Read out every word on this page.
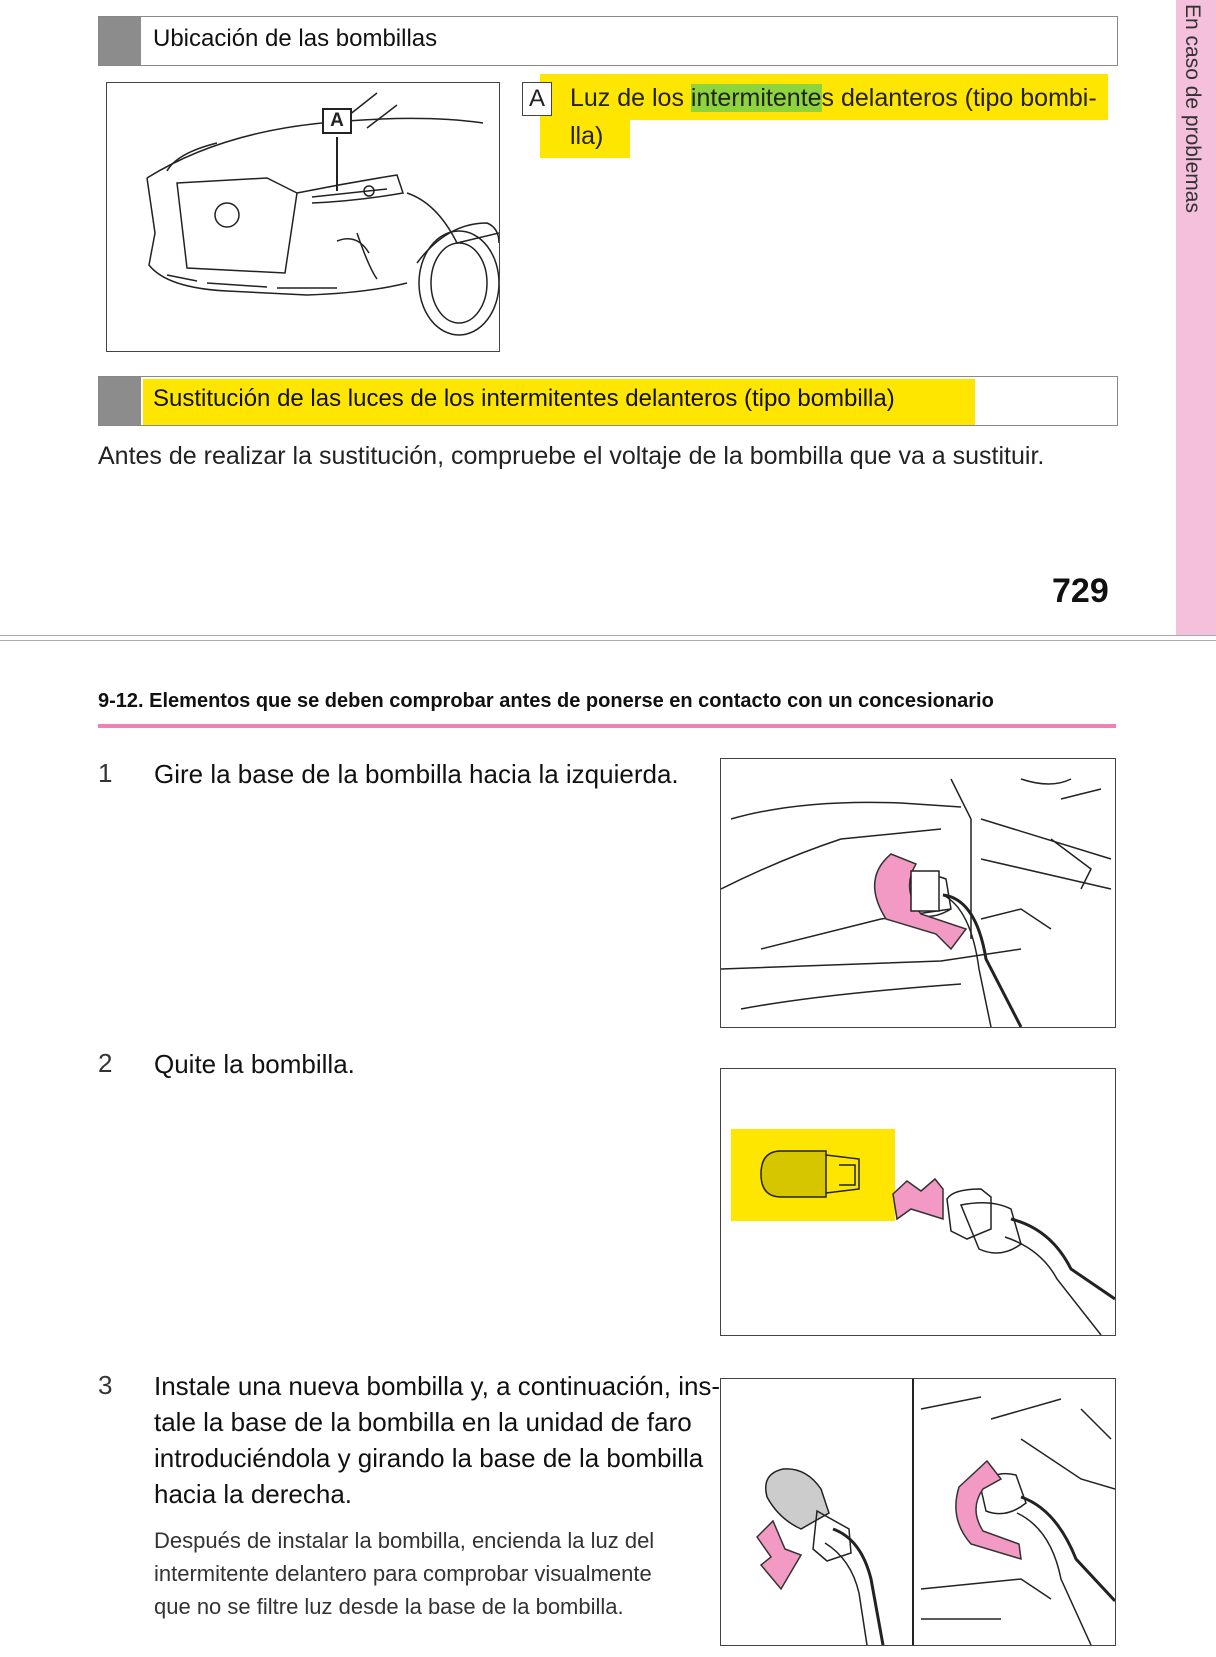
En caso de problemas
Ubicación de las bombillas
A
A Luz de los intermitentes delanteros (tipo bombi-
lla)
Sustitución de las luces de los intermitentes delanteros (tipo bombilla)
Antes de realizar la sustitución, compruebe el voltaje de la bombilla que va a sustituir.
729
9-12. Elementos que se deben comprobar antes de ponerse en contacto con un concesionario
1 Gire la base de la bombilla hacia la izquierda.
2 Quite la bombilla.
3 Instale una nueva bombilla y, a continuación, ins-
tale la base de la bombilla en la unidad de faro
introduciéndola y girando la base de la bombilla
hacia la derecha.
Después de instalar la bombilla, encienda la luz del
intermitente delantero para comprobar visualmente
que no se filtre luz desde la base de la bombilla.
